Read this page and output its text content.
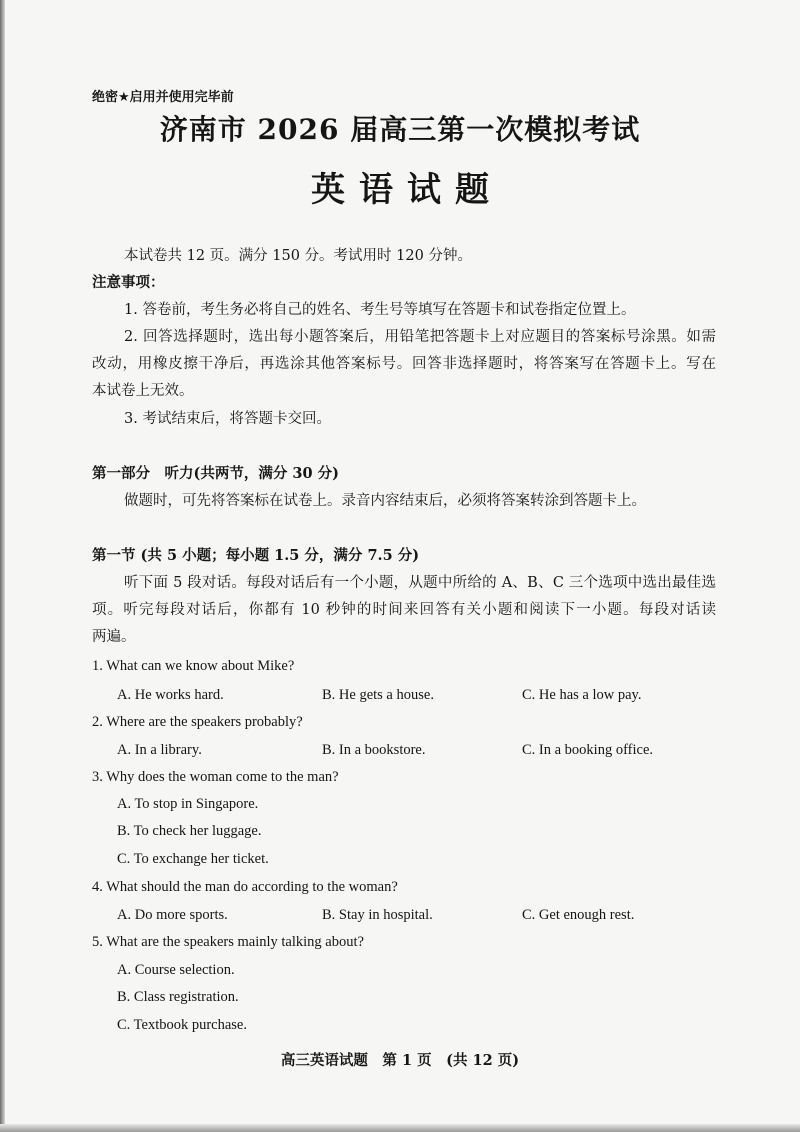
绝密★启用并使用完毕前
济南市 2026 届高三第一次模拟考试
英语试题
本试卷共 12 页。满分 150 分。考试用时 120 分钟。
注意事项：
1. 答卷前，考生务必将自己的姓名、考生号等填写在答题卡和试卷指定位置上。
2. 回答选择题时，选出每小题答案后，用铅笔把答题卡上对应题目的答案标号涂黑。如需
改动，用橡皮擦干净后，再选涂其他答案标号。回答非选择题时，将答案写在答题卡上。写在
本试卷上无效。
3. 考试结束后，将答题卡交回。
第一部分　听力(共两节，满分 30 分)
做题时，可先将答案标在试卷上。录音内容结束后，必须将答案转涂到答题卡上。
第一节 (共 5 小题；每小题 1.5 分，满分 7.5 分)
听下面 5 段对话。每段对话后有一个小题，从题中所给的 A、B、C 三个选项中选出最佳选
项。听完每段对话后，你都有 10 秒钟的时间来回答有关小题和阅读下一小题。每段对话读
两遍。
1. What can we know about Mike?
A. He works hard.	B. He gets a house.	C. He has a low pay.
2. Where are the speakers probably?
A. In a library.	B. In a bookstore.	C. In a booking office.
3. Why does the woman come to the man?
A. To stop in Singapore.
B. To check her luggage.
C. To exchange her ticket.
4. What should the man do according to the woman?
A. Do more sports.	B. Stay in hospital.	C. Get enough rest.
5. What are the speakers mainly talking about?
A. Course selection.
B. Class registration.
C. Textbook purchase.
高三英语试题　第 1 页　(共 12 页)
